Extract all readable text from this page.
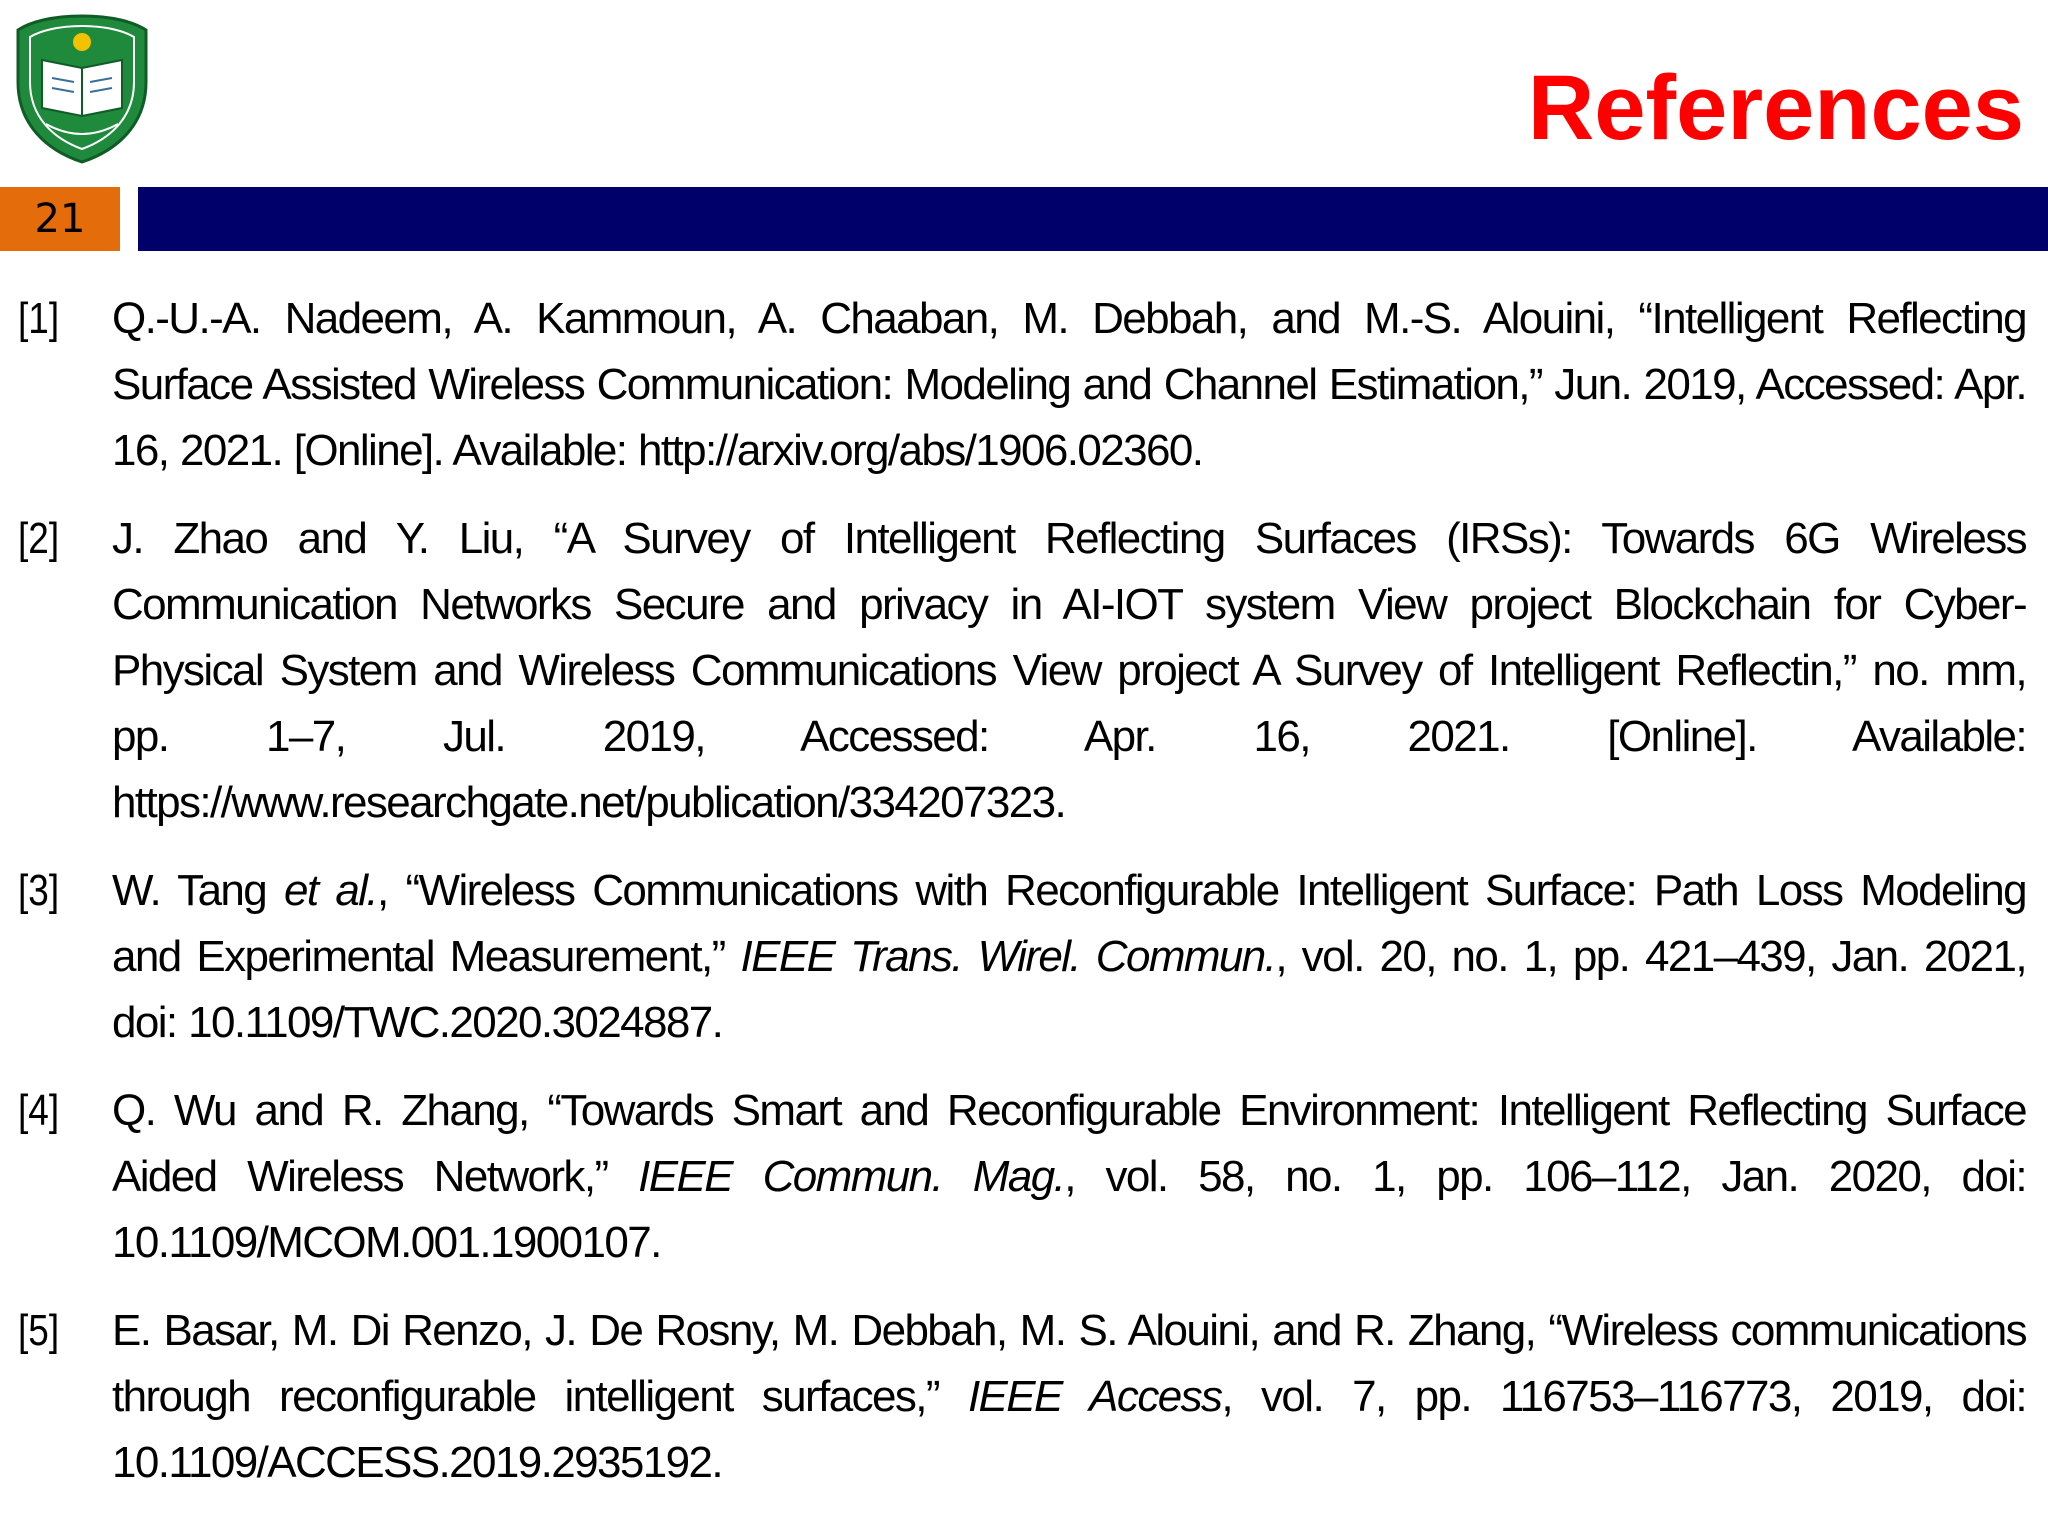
References
21
[1]	Q.-U.-A. Nadeem, A. Kammoun, A. Chaaban, M. Debbah, and M.-S. Alouini, “Intelligent Reflecting Surface Assisted Wireless Communication: Modeling and Channel Estimation,” Jun. 2019, Accessed: Apr. 16, 2021. [Online]. Available: http://arxiv.org/abs/1906.02360.
[2]	J. Zhao and Y. Liu, “A Survey of Intelligent Reflecting Surfaces (IRSs): Towards 6G Wireless Communication Networks Secure and privacy in AI-IOT system View project Blockchain for Cyber-Physical System and Wireless Communications View project A Survey of Intelligent Reflectin,” no. mm, pp. 1–7, Jul. 2019, Accessed: Apr. 16, 2021. [Online]. Available: https://www.researchgate.net/publication/334207323.
[3]	W. Tang et al., “Wireless Communications with Reconfigurable Intelligent Surface: Path Loss Modeling and Experimental Measurement,” IEEE Trans. Wirel. Commun., vol. 20, no. 1, pp. 421–439, Jan. 2021, doi: 10.1109/TWC.2020.3024887.
[4]	Q. Wu and R. Zhang, “Towards Smart and Reconfigurable Environment: Intelligent Reflecting Surface Aided Wireless Network,” IEEE Commun. Mag., vol. 58, no. 1, pp. 106–112, Jan. 2020, doi: 10.1109/MCOM.001.1900107.
[5]	E. Basar, M. Di Renzo, J. De Rosny, M. Debbah, M. S. Alouini, and R. Zhang, “Wireless communications through reconfigurable intelligent surfaces,” IEEE Access, vol. 7, pp. 116753–116773, 2019, doi: 10.1109/ACCESS.2019.2935192.
